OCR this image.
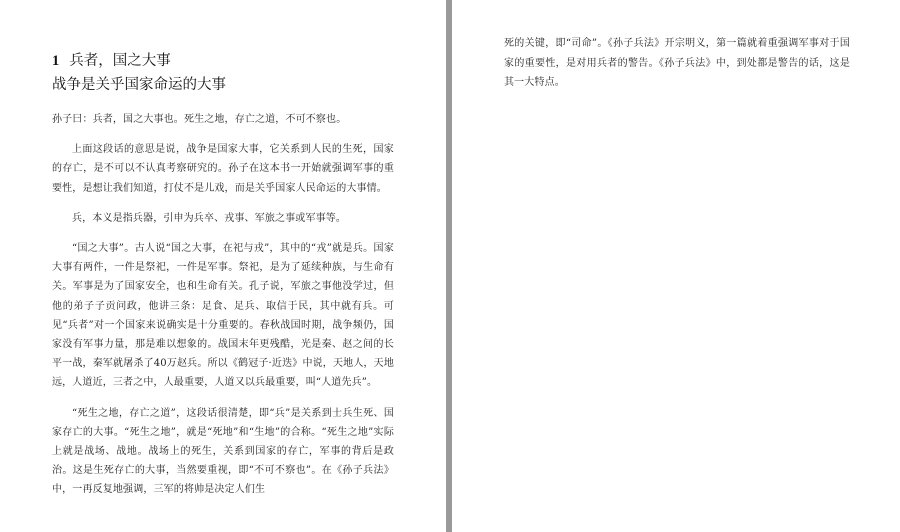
1 兵者，国之大事
战争是关乎国家命运的大事

孙子曰：兵者，国之大事也。死生之地，存亡之道，不可不察也。

上面这段话的意思是说，战争是国家大事，它关系到人民的生死，国家的存亡，是不可以不认真考察研究的。孙子在这本书一开始就强调军事的重要性，是想让我们知道，打仗不是儿戏，而是关乎国家人民命运的大事情。

兵，本义是指兵器，引申为兵卒、戎事、军旅之事或军事等。

“国之大事”。古人说“国之大事，在祀与戎”，其中的“戎”就是兵。国家大事有两件，一件是祭祀，一件是军事。祭祀，是为了延续种族，与生命有关。军事是为了国家安全，也和生命有关。孔子说，军旅之事他没学过，但他的弟子子贡问政，他讲三条：足食、足兵、取信于民，其中就有兵。可见“兵者”对一个国家来说确实是十分重要的。春秋战国时期，战争频仍，国家没有军事力量，那是难以想象的。战国末年更残酷，光是秦、赵之间的长平一战，秦军就屠杀了40万赵兵。所以《鹤冠子·近迭》中说，天地人，天地远，人道近，三者之中，人最重要，人道又以兵最重要，叫“人道先兵”。

“死生之地，存亡之道”，这段话很清楚，即“兵”是关系到士兵生死、国家存亡的大事。“死生之地”，就是“死地”和“生地”的合称。“死生之地”实际上就是战场、战地。战场上的死生，关系到国家的存亡，军事的背后是政治。这是生死存亡的大事，当然要重视，即“不可不察也”。在《孙子兵法》中，一再反复地强调，三军的将帅是决定人们生

死的关键，即“司命”。《孙子兵法》开宗明义，第一篇就着重强调军事对于国家的重要性，是对用兵者的警告。《孙子兵法》中，到处都是警告的话，这是其一大特点。
